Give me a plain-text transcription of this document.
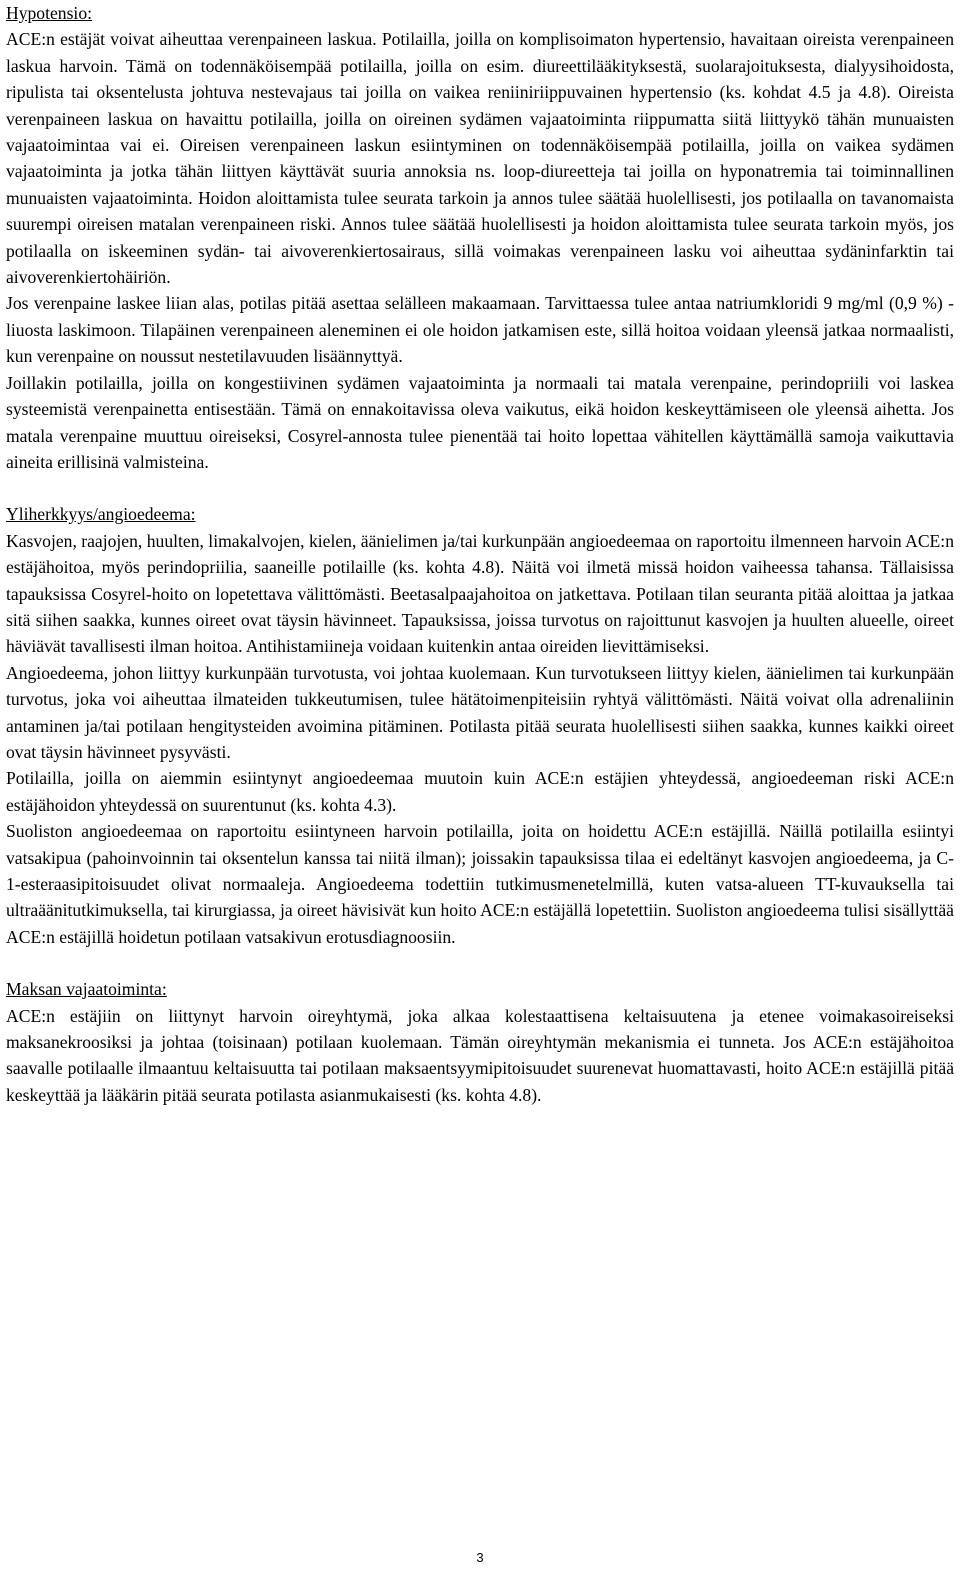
Hypotensio:

ACE:n estäjät voivat aiheuttaa verenpaineen laskua. Potilailla, joilla on komplisoimaton hypertensio, havaitaan oireista verenpaineen laskua harvoin. Tämä on todennäköisempää potilailla, joilla on esim. diureettilääkityksestä, suolarajoituksesta, dialyysihoidosta, ripulista tai oksentelusta johtuva nestevajaus tai joilla on vaikea reniiniriippuvainen hypertensio (ks. kohdat 4.5 ja 4.8). Oireista verenpaineen laskua on havaittu potilailla, joilla on oireinen sydämen vajaatoiminta riippumatta siitä liittyykö tähän munuaisten vajaatoimintaa vai ei. Oireisen verenpaineen laskun esiintyminen on todennäköisempää potilailla, joilla on vaikea sydämen vajaatoiminta ja jotka tähän liittyen käyttävät suuria annoksia ns. loop-diureetteja tai joilla on hyponatremia tai toiminnallinen munuaisten vajaatoiminta. Hoidon aloittamista tulee seurata tarkoin ja annos tulee säätää huolellisesti, jos potilaalla on tavanomaista suurempi oireisen matalan verenpaineen riski. Annos tulee säätää huolellisesti ja hoidon aloittamista tulee seurata tarkoin myös, jos potilaalla on iskeeminen sydän- tai aivoverenkiertosairaus, sillä voimakas verenpaineen lasku voi aiheuttaa sydäninfarktin tai aivoverenkiertohäiriön.

Jos verenpaine laskee liian alas, potilas pitää asettaa selälleen makaamaan. Tarvittaessa tulee antaa natriumkloridi 9 mg/ml (0,9 %) -liuosta laskimoon. Tilapäinen verenpaineen aleneminen ei ole hoidon jatkamisen este, sillä hoitoa voidaan yleensä jatkaa normaalisti, kun verenpaine on noussut nestetilavuuden lisäännyttyä.

Joillakin potilailla, joilla on kongestiivinen sydämen vajaatoiminta ja normaali tai matala verenpaine, perindopriili voi laskea systeemistä verenpainetta entisestään. Tämä on ennakoitavissa oleva vaikutus, eikä hoidon keskeyttämiseen ole yleensä aihetta. Jos matala verenpaine muuttuu oireiseksi, Cosyrel-annosta tulee pienentää tai hoito lopettaa vähitellen käyttämällä samoja vaikuttavia aineita erillisinä valmisteina.

Yliherkkyys/angioedeema:

Kasvojen, raajojen, huulten, limakalvojen, kielen, äänielimen ja/tai kurkunpään angioedeemaa on raportoitu ilmenneen harvoin ACE:n estäjähoitoa, myös perindopriilia, saaneille potilaille (ks. kohta 4.8). Näitä voi ilmetä missä hoidon vaiheessa tahansa. Tällaisissa tapauksissa Cosyrel-hoito on lopetettava välittömästi. Beetasalpaajahoitoa on jatkettava. Potilaan tilan seuranta pitää aloittaa ja jatkaa sitä siihen saakka, kunnes oireet ovat täysin hävinneet. Tapauksissa, joissa turvotus on rajoittunut kasvojen ja huulten alueelle, oireet häviävät tavallisesti ilman hoitoa. Antihistamiineja voidaan kuitenkin antaa oireiden lievittämiseksi.

Angioedeema, johon liittyy kurkunpään turvotusta, voi johtaa kuolemaan. Kun turvotukseen liittyy kielen, äänielimen tai kurkunpään turvotus, joka voi aiheuttaa ilmateiden tukkeutumisen, tulee hätätoimenpiteisiin ryhtyä välittömästi. Näitä voivat olla adrenaliinin antaminen ja/tai potilaan hengitysteiden avoimina pitäminen. Potilasta pitää seurata huolellisesti siihen saakka, kunnes kaikki oireet ovat täysin hävinneet pysyvästi.

Potilailla, joilla on aiemmin esiintynyt angioedeemaa muutoin kuin ACE:n estäjien yhteydessä, angioedeeman riski ACE:n estäjähoidon yhteydessä on suurentunut (ks. kohta 4.3).

Suoliston angioedeemaa on raportoitu esiintyneen harvoin potilailla, joita on hoidettu ACE:n estäjillä. Näillä potilailla esiintyi vatsakipua (pahoinvoinnin tai oksentelun kanssa tai niitä ilman); joissakin tapauksissa tilaa ei edeltänyt kasvojen angioedeema, ja C-1-esteraasipitoisuudet olivat normaaleja. Angioedeema todettiin tutkimusmenetelmillä, kuten vatsa-alueen TT-kuvauksella tai ultraäänitutkimuksella, tai kirurgiassa, ja oireet hävisivät kun hoito ACE:n estäjällä lopetettiin. Suoliston angioedeema tulisi sisällyttää ACE:n estäjillä hoidetun potilaan vatsakivun erotusdiagnoosiin.

Maksan vajaatoiminta:

ACE:n estäjiin on liittynyt harvoin oireyhtymä, joka alkaa kolestaattisena keltaisuutena ja etenee voimakasoireiseksi maksanekroosiksi ja johtaa (toisinaan) potilaan kuolemaan. Tämän oireyhtymän mekanismia ei tunneta. Jos ACE:n estäjähoitoa saavalle potilaalle ilmaantuu keltaisuutta tai potilaan maksaentsyymipitoisuudet suurenevat huomattavasti, hoito ACE:n estäjillä pitää keskeyttää ja lääkärin pitää seurata potilasta asianmukaisesti (ks. kohta 4.8).

3
